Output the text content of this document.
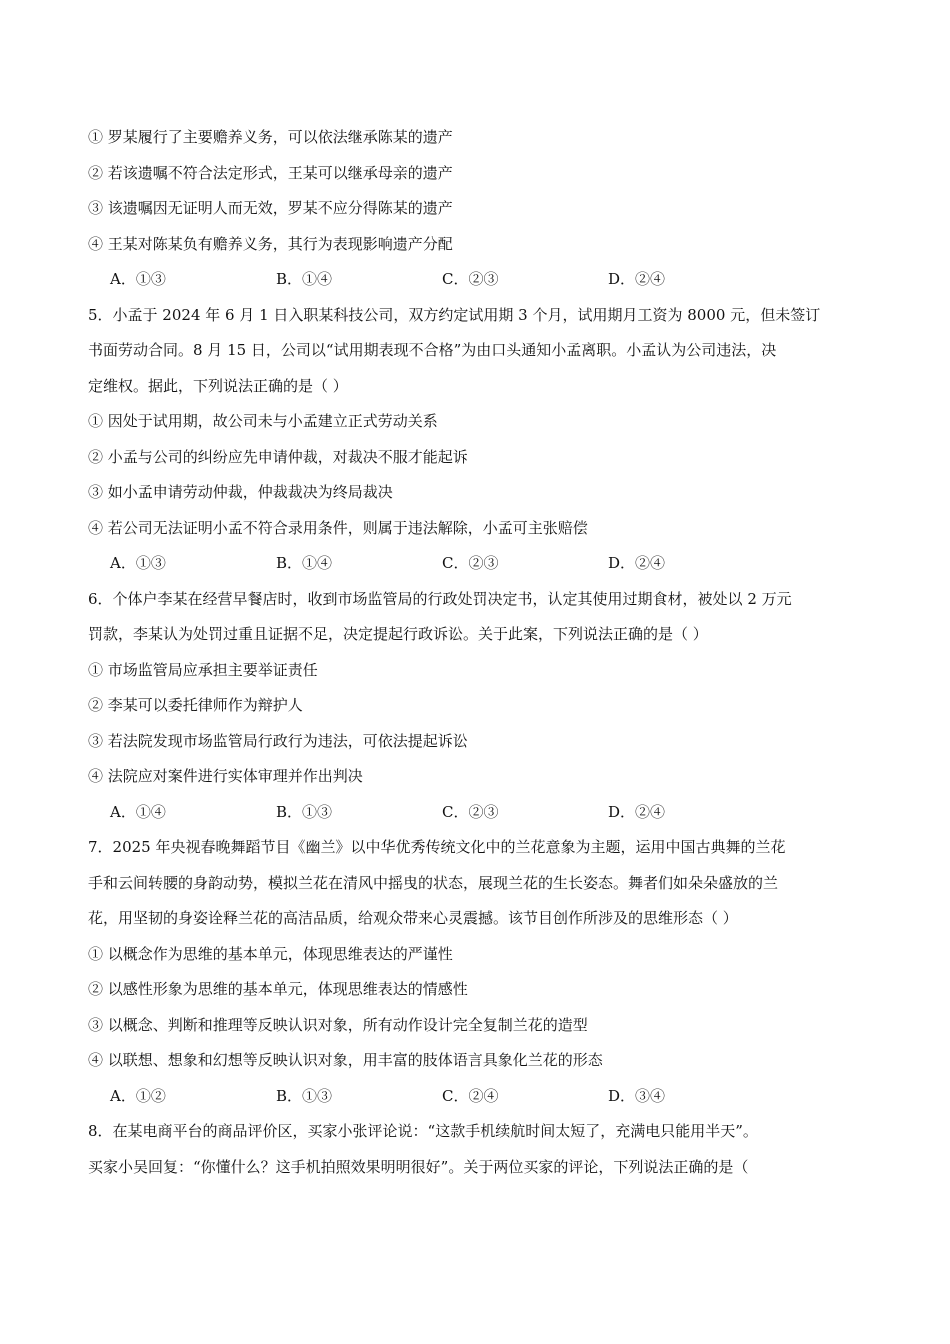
① 罗某履行了主要赡养义务，可以依法继承陈某的遗产
② 若该遗嘱不符合法定形式，王某可以继承母亲的遗产
③ 该遗嘱因无证明人而无效，罗某不应分得陈某的遗产
④ 王某对陈某负有赡养义务，其行为表现影响遗产分配
A．①③	B．①④	C．②③	D．②④
5．小孟于 2024 年 6 月 1 日入职某科技公司，双方约定试用期 3 个月，试用期月工资为 8000 元，但未签订
书面劳动合同。8 月 15 日，公司以“试用期表现不合格”为由口头通知小孟离职。小孟认为公司违法，决
定维权。据此，下列说法正确的是（ ）
① 因处于试用期，故公司未与小孟建立正式劳动关系
② 小孟与公司的纠纷应先申请仲裁，对裁决不服才能起诉
③ 如小孟申请劳动仲裁，仲裁裁决为终局裁决
④ 若公司无法证明小孟不符合录用条件，则属于违法解除，小孟可主张赔偿
A．①③	B．①④	C．②③	D．②④
6．个体户李某在经营早餐店时，收到市场监管局的行政处罚决定书，认定其使用过期食材，被处以 2 万元
罚款，李某认为处罚过重且证据不足，决定提起行政诉讼。关于此案，下列说法正确的是（ ）
① 市场监管局应承担主要举证责任
② 李某可以委托律师作为辩护人
③ 若法院发现市场监管局行政行为违法，可依法提起诉讼
④ 法院应对案件进行实体审理并作出判决
A．①④	B．①③	C．②③	D．②④
7．2025 年央视春晚舞蹈节目《幽兰》以中华优秀传统文化中的兰花意象为主题，运用中国古典舞的兰花
手和云间转腰的身韵动势，模拟兰花在清风中摇曳的状态，展现兰花的生长姿态。舞者们如朵朵盛放的兰
花，用坚韧的身姿诠释兰花的高洁品质，给观众带来心灵震撼。该节目创作所涉及的思维形态（ ）
① 以概念作为思维的基本单元，体现思维表达的严谨性
② 以感性形象为思维的基本单元，体现思维表达的情感性
③ 以概念、判断和推理等反映认识对象，所有动作设计完全复制兰花的造型
④ 以联想、想象和幻想等反映认识对象，用丰富的肢体语言具象化兰花的形态
A．①②	B．①③	C．②④	D．③④
8．在某电商平台的商品评价区，买家小张评论说：“这款手机续航时间太短了，充满电只能用半天”。
买家小吴回复：“你懂什么？这手机拍照效果明明很好”。关于两位买家的评论，下列说法正确的是（
